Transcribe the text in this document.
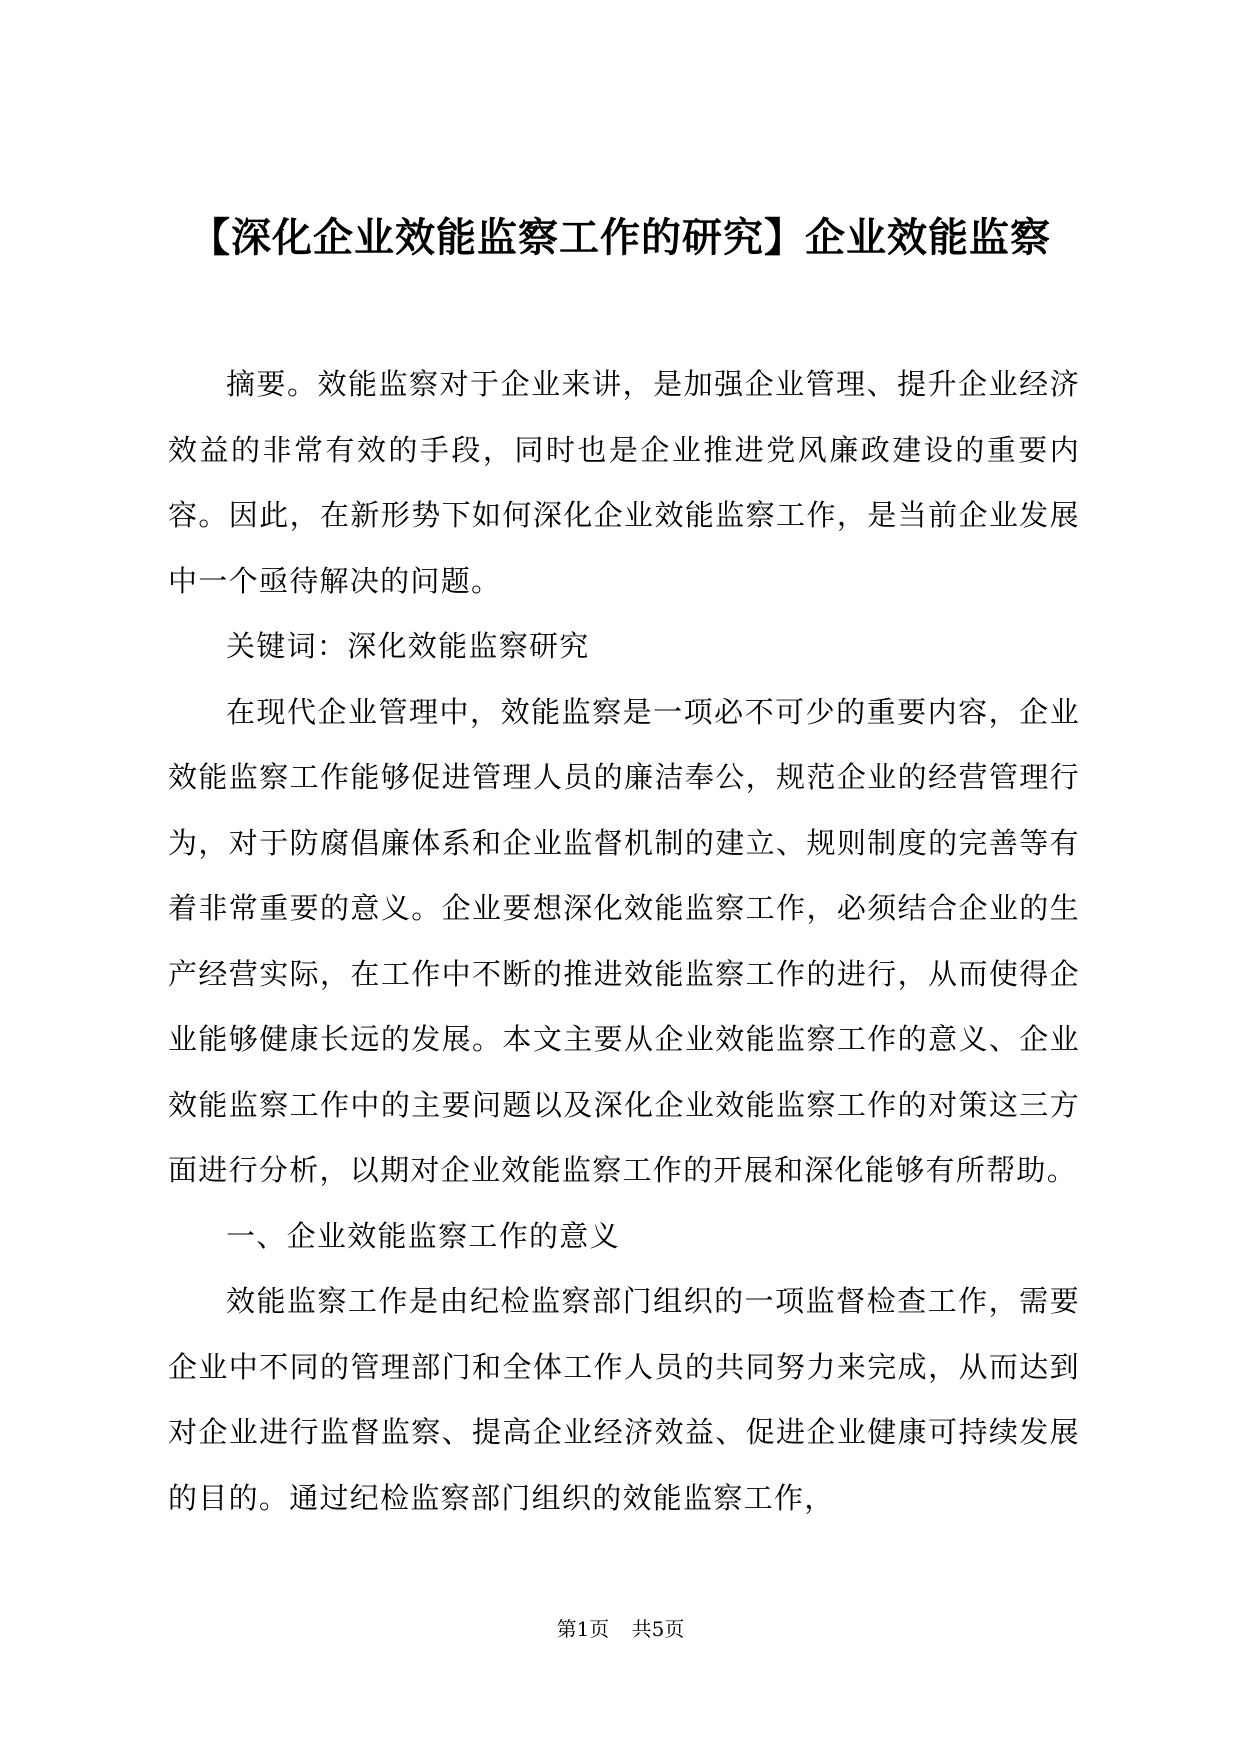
【深化企业效能监察工作的研究】企业效能监察

摘要。效能监察对于企业来讲，是加强企业管理、提升企业经济效益的非常有效的手段，同时也是企业推进党风廉政建设的重要内容。因此，在新形势下如何深化企业效能监察工作，是当前企业发展中一个亟待解决的问题。

关键词：深化效能监察研究

在现代企业管理中，效能监察是一项必不可少的重要内容，企业效能监察工作能够促进管理人员的廉洁奉公，规范企业的经营管理行为，对于防腐倡廉体系和企业监督机制的建立、规则制度的完善等有着非常重要的意义。企业要想深化效能监察工作，必须结合企业的生产经营实际，在工作中不断的推进效能监察工作的进行，从而使得企业能够健康长远的发展。本文主要从企业效能监察工作的意义、企业效能监察工作中的主要问题以及深化企业效能监察工作的对策这三方面进行分析，以期对企业效能监察工作的开展和深化能够有所帮助。

一、企业效能监察工作的意义

效能监察工作是由纪检监察部门组织的一项监督检查工作，需要企业中不同的管理部门和全体工作人员的共同努力来完成，从而达到对企业进行监督监察、提高企业经济效益、促进企业健康可持续发展的目的。通过纪检监察部门组织的效能监察工作，

第1页 共5页
